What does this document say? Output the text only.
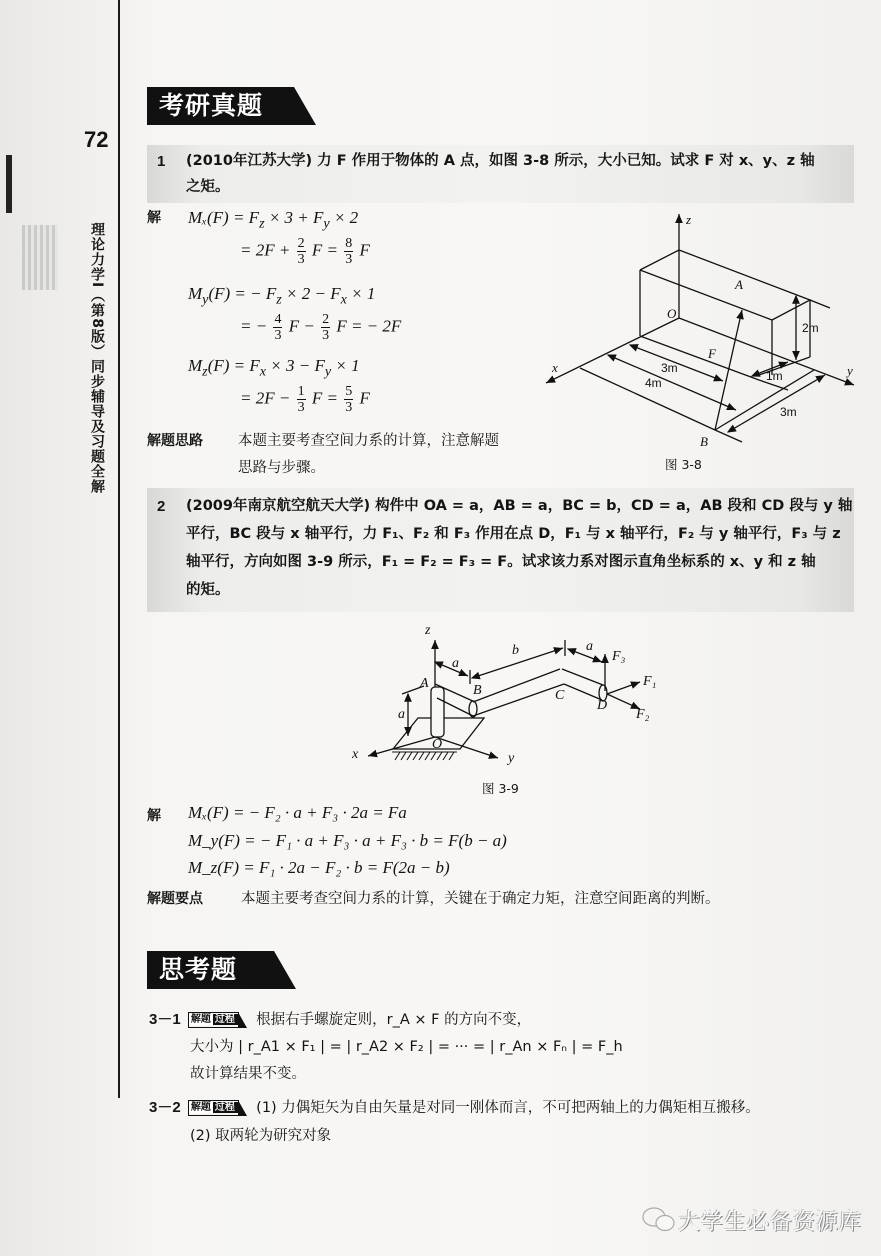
72
理论力学I（第8版）同步辅导及习题全解
考研真题
1 (2010年江苏大学) 力 F 作用于物体的 A 点，如图 3-8 所示，大小已知。试求 F 对 x、y、z 轴
之矩。
解 $M_x(F) = F_z \times 3 + F_y \times 2$
= $2F + \frac{2}{3}$ $F = \frac{8}{3}$ F
$M_y(F)$ = − $F_z \times 2 - F_x \times 1$
= − $\frac{4}{3}$ $F - \frac{2}{3}$ F = − 2F
$M_z(F) = F_x \times 3 - F_y \times 1$
= $2F - \frac{1}{3}$ $F = \frac{5}{3}$ F
解题思路 本题主要考查空间力系的计算，注意解题
思路与步骤。
z
y
x
O
A
B
F
2m
3m
4m	1m
3m
图 3-8
2 (2009年南京航空航天大学) 构件中 OA = a，AB = a，BC = b，CD = a，AB 段和 CD 段与 y 轴
平行，BC 段与 x 轴平行，力 F₁、F₂ 和 F₃ 作用在点 D，F₁ 与 x 轴平行，F₂ 与 y 轴平行，F₃ 与 z
轴平行，方向如图 3-9 所示，F₁ = F₂ = F₃ = F。试求该力系对图示直角坐标系的 x、y 和 z 轴
的矩。
z
x	y
O
A	B	C
D
a
b	a
a
F₃
F₁
F₂
图 3-9
解 Mₓ(F) = − F₂ · a + F₃ · 2a = Fa
M_y(F) = − F₁ · a + F₃ · a + F₃ · b = F(b − a)
M_z(F) = F₁ · 2a − F₂ · b = F(2a − b)
解题要点	本题主要考查空间力系的计算，关键在于确定力矩，注意空间距离的判断。
思考题
3－1 解题 过程 根据右手螺旋定则，r_A × F 的方向不变，
大小为 | r_A1 × F₁ | = | r_A2 × F₂ | = ··· = | r_An × Fₙ | = F_h
故计算结果不变。
3－2 解题 过程 (1) 力偶矩矢为自由矢量是对同一刚体而言，不可把两轴上的力偶矩相互搬移。
(2) 取两轮为研究对象
大学生必备资源库
